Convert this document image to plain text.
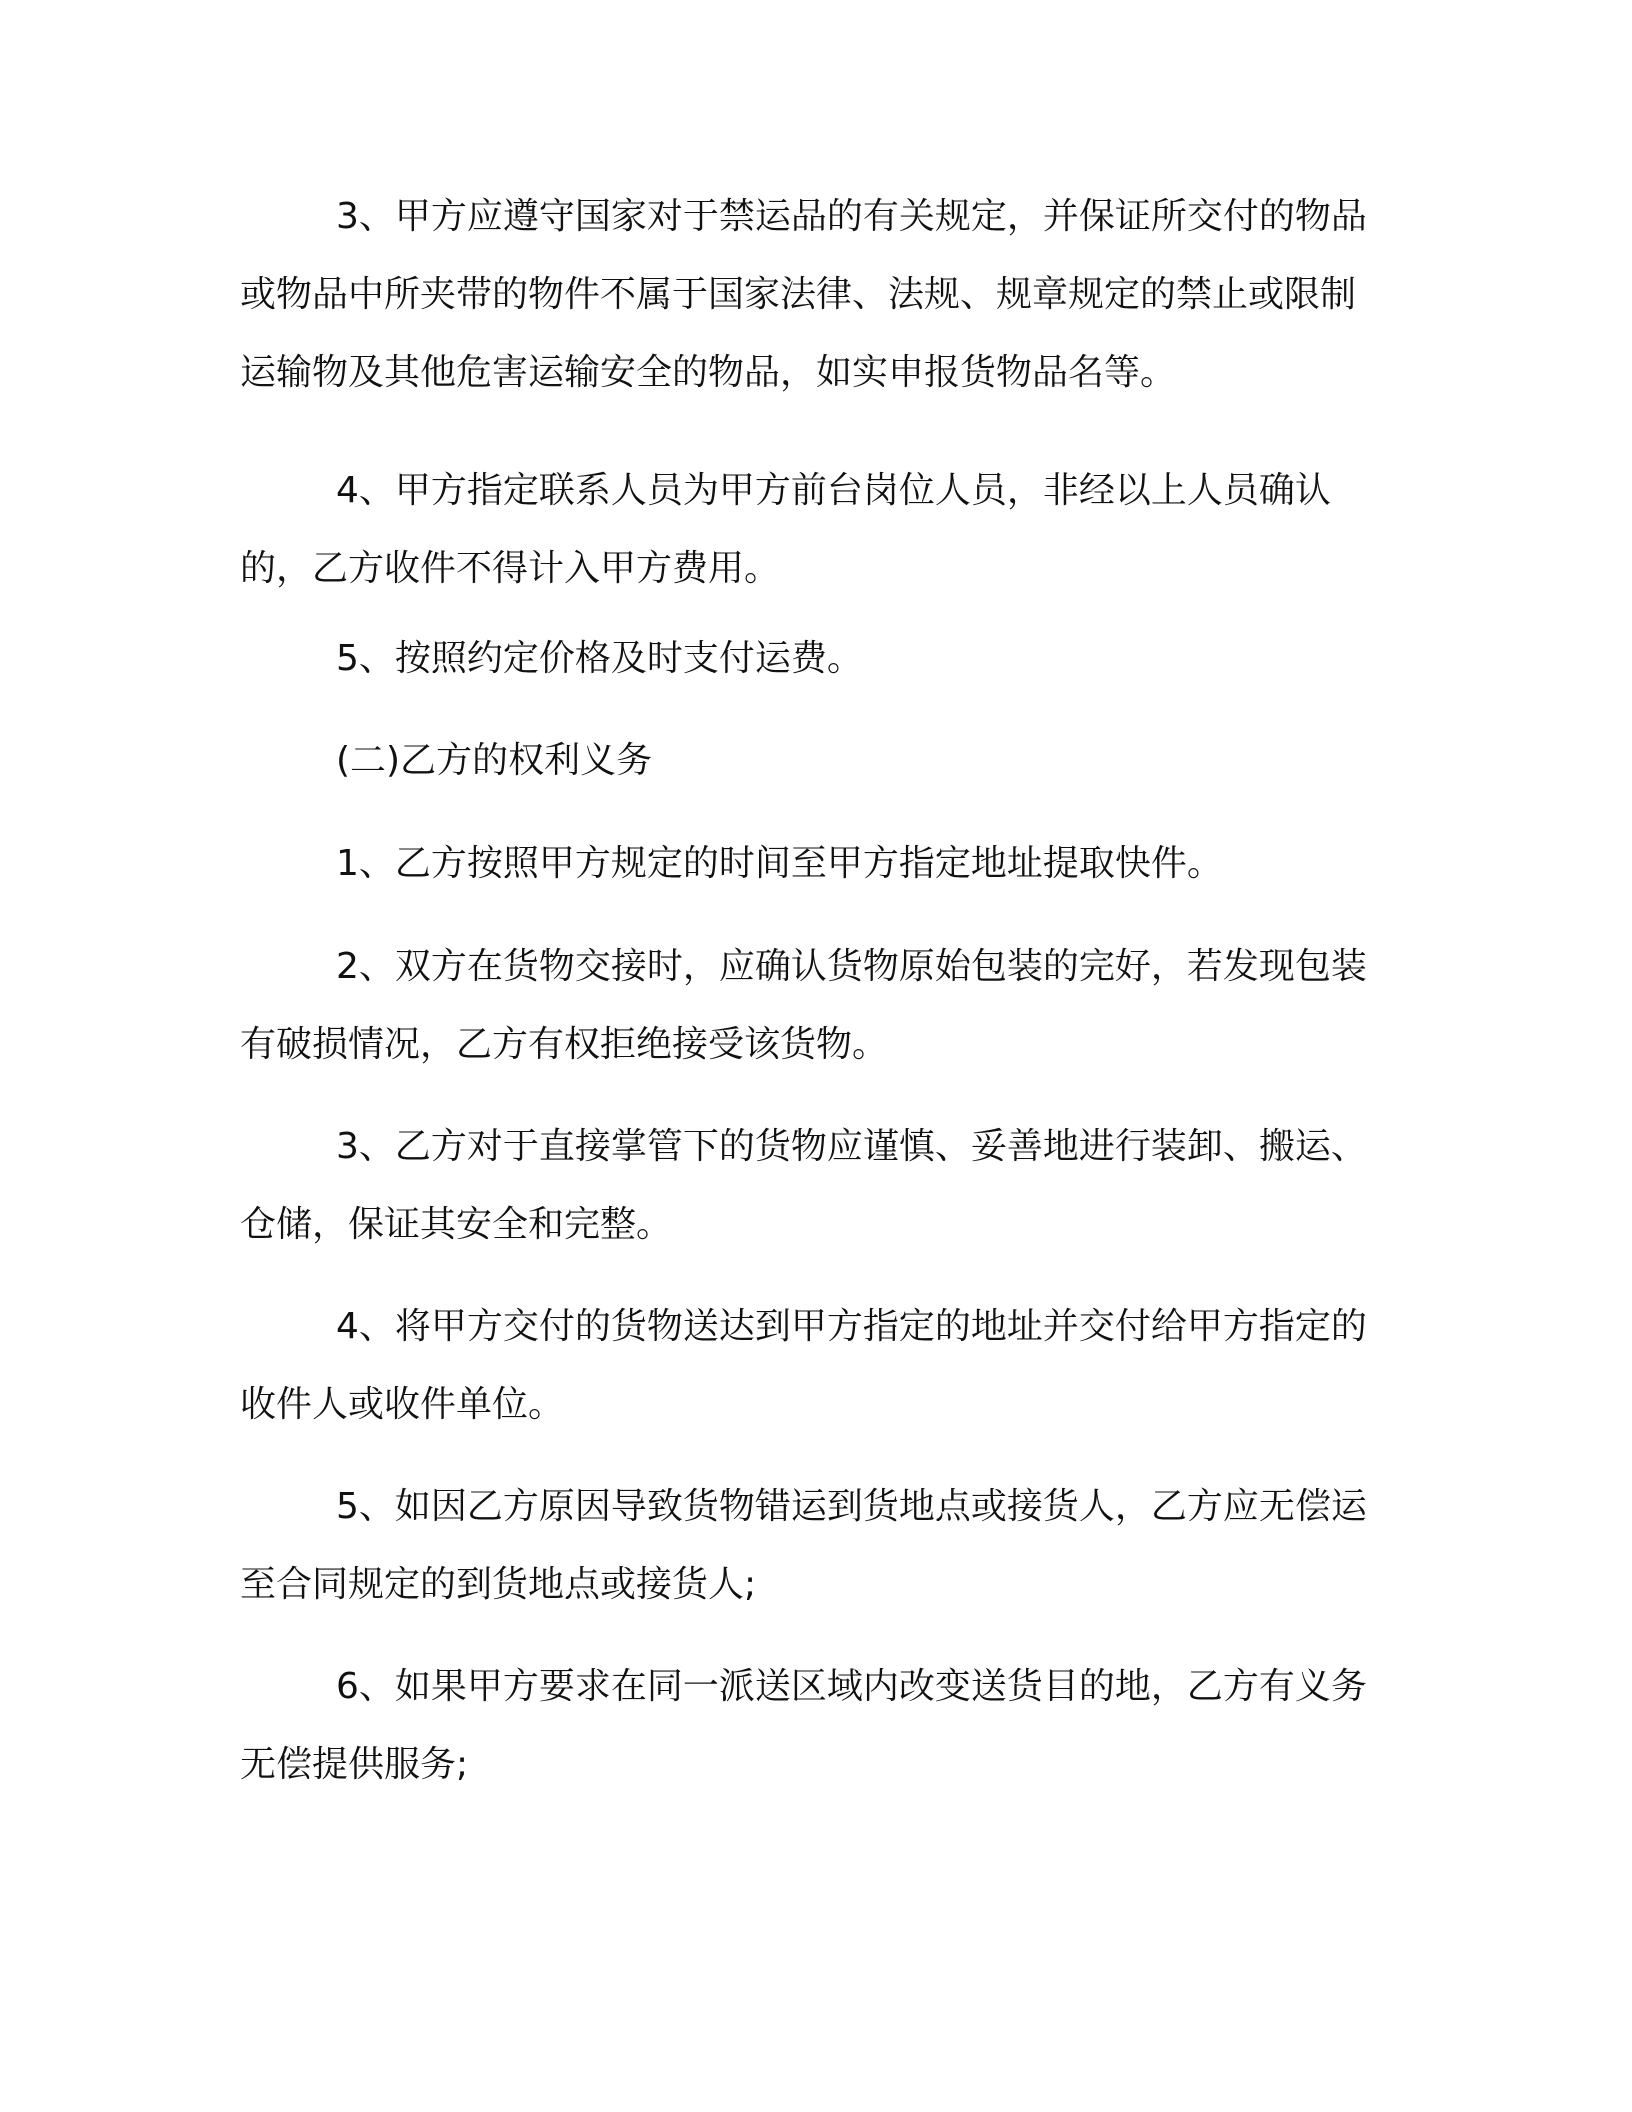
3、甲方应遵守国家对于禁运品的有关规定，并保证所交付的物品或物品中所夹带的物件不属于国家法律、法规、规章规定的禁止或限制运输物及其他危害运输安全的物品，如实申报货物品名等。

4、甲方指定联系人员为甲方前台岗位人员，非经以上人员确认的，乙方收件不得计入甲方费用。

5、按照约定价格及时支付运费。

(二)乙方的权利义务

1、乙方按照甲方规定的时间至甲方指定地址提取快件。

2、双方在货物交接时，应确认货物原始包装的完好，若发现包装有破损情况，乙方有权拒绝接受该货物。

3、乙方对于直接掌管下的货物应谨慎、妥善地进行装卸、搬运、仓储，保证其安全和完整。

4、将甲方交付的货物送达到甲方指定的地址并交付给甲方指定的收件人或收件单位。

5、如因乙方原因导致货物错运到货地点或接货人，乙方应无偿运至合同规定的到货地点或接货人;

6、如果甲方要求在同一派送区域内改变送货目的地，乙方有义务无偿提供服务;
